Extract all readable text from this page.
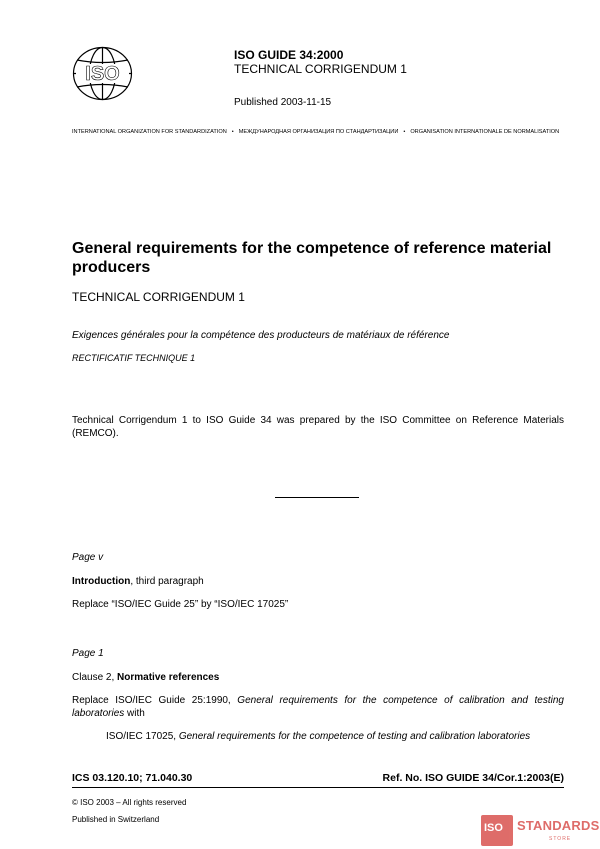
ISO
ISO GUIDE 34:2000
TECHNICAL CORRIGENDUM 1
Published 2003-11-15
INTERNATIONAL ORGANIZATION FOR STANDARDIZATION • МЕЖДУНАРОДНАЯ ОРГАНИЗАЦИЯ ПО СТАНДАРТИЗАЦИИ • ORGANISATION INTERNATIONALE DE NORMALISATION
General requirements for the competence of reference material producers
TECHNICAL CORRIGENDUM 1
Exigences générales pour la compétence des producteurs de matériaux de référence
RECTIFICATIF TECHNIQUE 1
Technical Corrigendum 1 to ISO Guide 34 was prepared by the ISO Committee on Reference Materials (REMCO).
Page v
Introduction, third paragraph
Replace “ISO/IEC Guide 25” by “ISO/IEC 17025”
Page 1
Clause 2, Normative references
Replace ISO/IEC Guide 25:1990, General requirements for the competence of calibration and testing laboratories with
ISO/IEC 17025, General requirements for the competence of testing and calibration laboratories
ICS 03.120.10; 71.040.30	Ref. No. ISO GUIDE 34/Cor.1:2003(E)
© ISO 2003 – All rights reserved
Published in Switzerland
ISO STANDARDS
STORE
